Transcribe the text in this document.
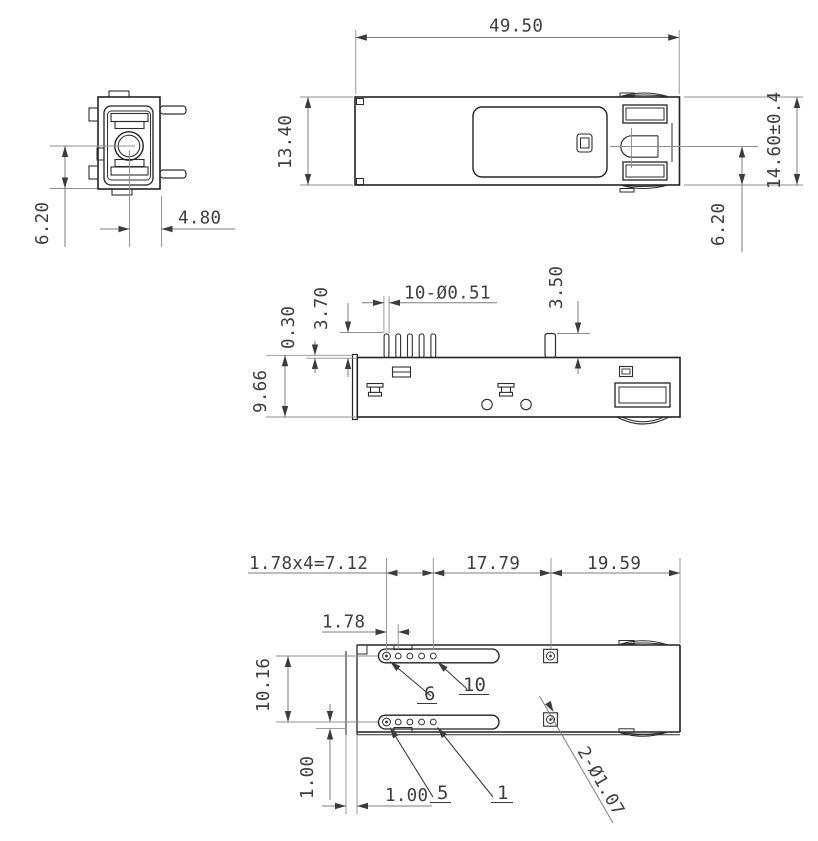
6.20	4.80
49.50
13.40	14.60±0.4
6.20
9.66
0.30 3.70	10-Ø0.51	3.50
1.78x4=7.12	17.79	19.59
1.78
10.16
1.00	1.00
6 10
5	1	2-Ø1.07
